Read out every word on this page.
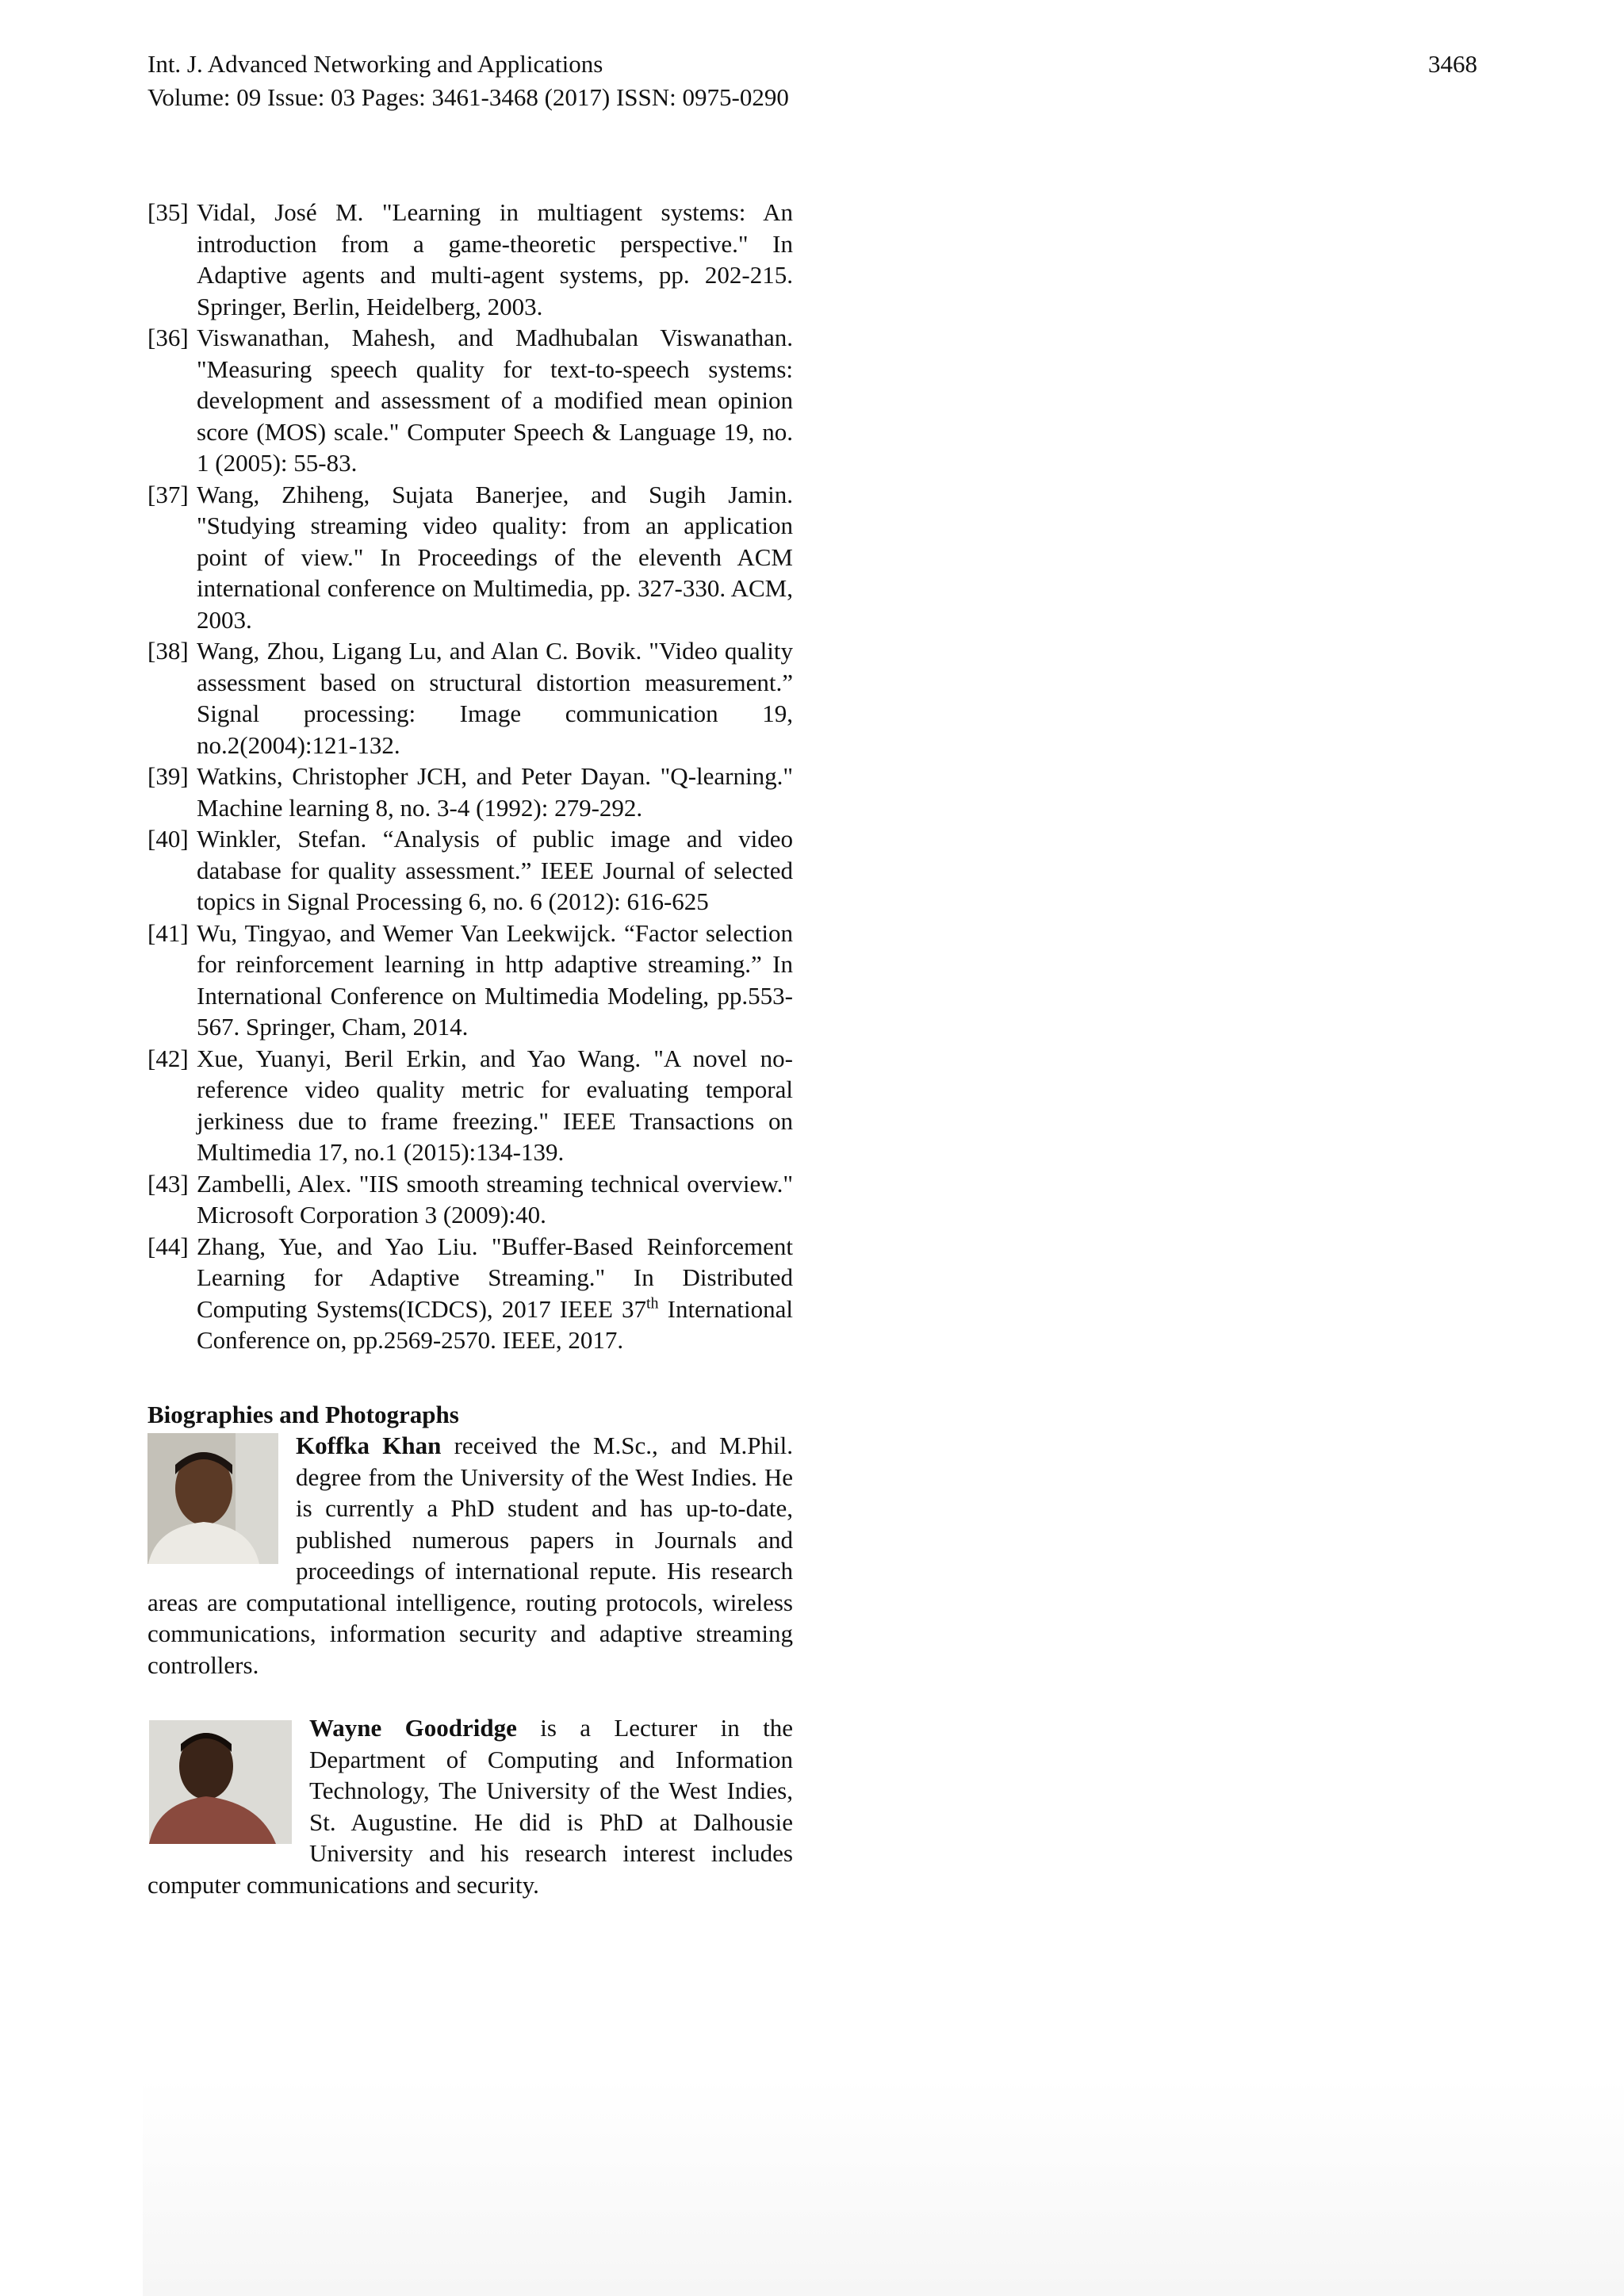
Int. J. Advanced Networking and Applications
Volume: 09 Issue: 03 Pages: 3461-3468 (2017) ISSN: 0975-0290
3468
[35] Vidal, José M. "Learning in multiagent systems: An introduction from a game-theoretic perspective." In Adaptive agents and multi-agent systems, pp. 202-215. Springer, Berlin, Heidelberg, 2003.
[36] Viswanathan, Mahesh, and Madhubalan Viswanathan. "Measuring speech quality for text-to-speech systems: development and assessment of a modified mean opinion score (MOS) scale." Computer Speech & Language 19, no. 1 (2005): 55-83.
[37] Wang, Zhiheng, Sujata Banerjee, and Sugih Jamin. "Studying streaming video quality: from an application point of view." In Proceedings of the eleventh ACM international conference on Multimedia, pp. 327-330. ACM, 2003.
[38] Wang, Zhou, Ligang Lu, and Alan C. Bovik. "Video quality assessment based on structural distortion measurement.” Signal processing: Image communication 19, no.2(2004):121-132.
[39] Watkins, Christopher JCH, and Peter Dayan. "Q-learning." Machine learning 8, no. 3-4 (1992): 279-292.
[40] Winkler, Stefan. “Analysis of public image and video database for quality assessment.” IEEE Journal of selected topics in Signal Processing 6, no. 6 (2012): 616-625
[41] Wu, Tingyao, and Wemer Van Leekwijck. “Factor selection for reinforcement learning in http adaptive streaming.” In International Conference on Multimedia Modeling, pp.553-567. Springer, Cham, 2014.
[42] Xue, Yuanyi, Beril Erkin, and Yao Wang. "A novel no-reference video quality metric for evaluating temporal jerkiness due to frame freezing." IEEE Transactions on Multimedia 17, no.1 (2015):134-139.
[43] Zambelli, Alex. "IIS smooth streaming technical overview." Microsoft Corporation 3 (2009):40.
[44] Zhang, Yue, and Yao Liu. "Buffer-Based Reinforcement Learning for Adaptive Streaming." In Distributed Computing Systems(ICDCS), 2017 IEEE 37th International Conference on, pp.2569-2570. IEEE, 2017.
Biographies and Photographs
Koffka Khan received the M.Sc., and M.Phil. degree from the University of the West Indies. He is currently a PhD student and has up-to-date, published numerous papers in Journals and proceedings of international repute. His research areas are computational intelligence, routing protocols, wireless communications, information security and adaptive streaming controllers.
Wayne Goodridge is a Lecturer in the Department of Computing and Information Technology, The University of the West Indies, St. Augustine. He did is PhD at Dalhousie University and his research interest includes computer communications and security.
